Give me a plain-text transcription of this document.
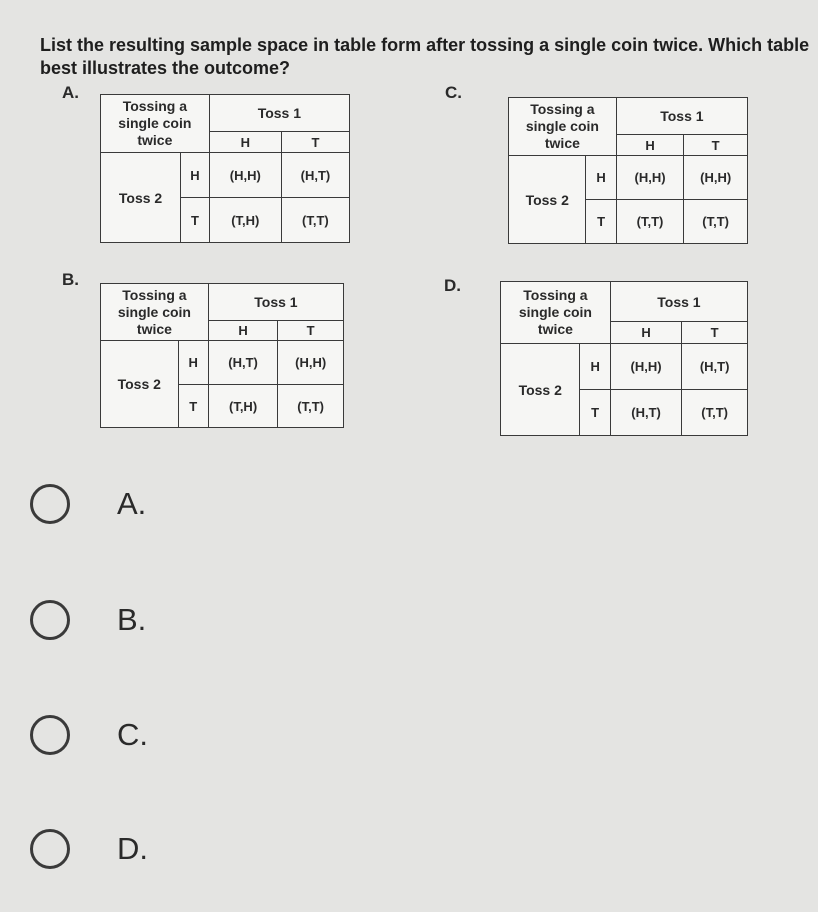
List the resulting sample space in table form after tossing a single coin twice. Which table best illustrates the outcome?
A.
Tossing a
single coin
twice		Toss 1	
		H	T
Toss 2	H	(H,H)	(H,T)
	T	(T,H)	(T,T)
C.
Tossing a
single coin
twice		Toss 1	
		H	T
Toss 2	H	(H,H)	(H,H)
	T	(T,T)	(T,T)
B.
Tossing a
single coin
twice		Toss 1	
		H	T
Toss 2	H	(H,T)	(H,H)
	T	(T,H)	(T,T)
D.	Tossing a
single coin
twice		Toss 1	
		H	T
Toss 2	H	(H,H)	(H,T)
	T	(H,T)	(T,T)
A.
B.
C.
D.
